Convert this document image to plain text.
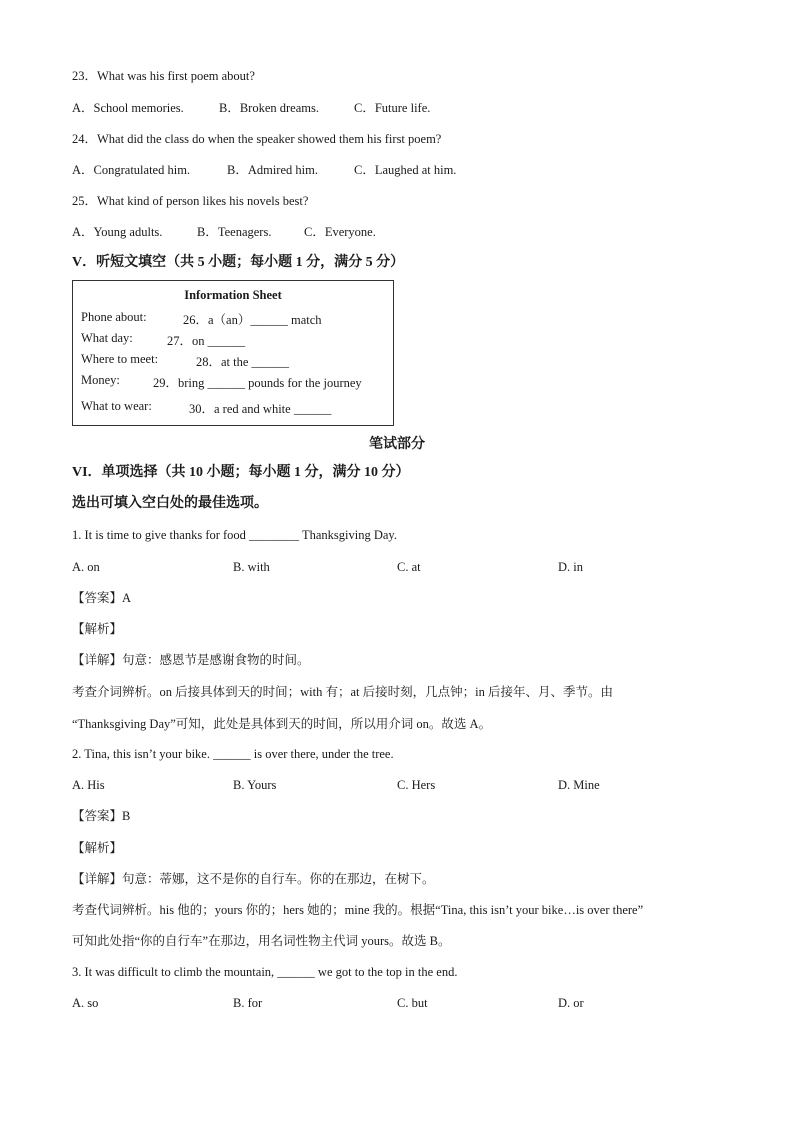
23．What was his first poem about?
A．School memories.	B．Broken dreams.	C．Future life.
24．What did the class do when the speaker showed them his first poem?
A．Congratulated him.	B．Admired him.	C．Laughed at him.
25．What kind of person likes his novels best?
A．Young adults.	B．Teenagers.	C．Everyone.
V．听短文填空（共 5 小题；每小题 1 分，满分 5 分）
Information Sheet
Phone about:	26．a（an）______ match
What day:	27．on ______
Where to meet:	28．at the ______
Money:	29．bring ______ pounds for the journey
What to wear:	30．a red and white ______
笔试部分
VI．单项选择（共 10 小题；每小题 1 分，满分 10 分）
选出可填入空白处的最佳选项。
1. It is time to give thanks for food ________ Thanksgiving Day.
A. on	B. with	C. at	D. in
【答案】A
【解析】
【详解】句意：感恩节是感谢食物的时间。
考查介词辨析。on 后接具体到天的时间；with 有；at 后接时刻，几点钟；in 后接年、月、季节。由
“Thanksgiving Day”可知，此处是具体到天的时间，所以用介词 on。故选 A。
2. Tina, this isn’t your bike. ______ is over there, under the tree.
A. His	B. Yours	C. Hers	D. Mine
【答案】B
【解析】
【详解】句意：蒂娜，这不是你的自行车。你的在那边，在树下。
考查代词辨析。his 他的；yours 你的；hers 她的；mine 我的。根据“Tina, this isn’t your bike…is over there”
可知此处指“你的自行车”在那边，用名词性物主代词 yours。故选 B。
3. It was difficult to climb the mountain, ______ we got to the top in the end.
A. so	B. for	C. but	D. or
